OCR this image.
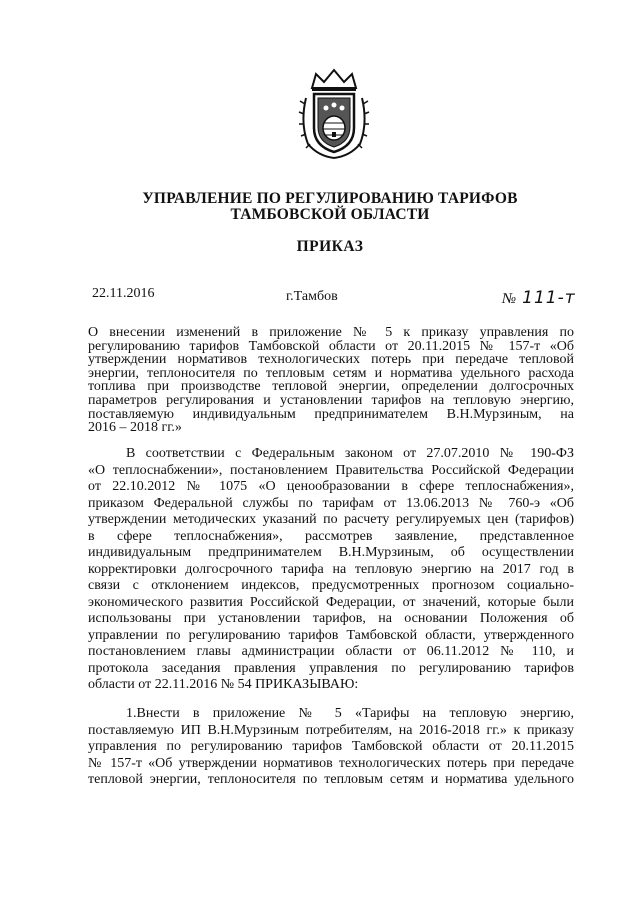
УПРАВЛЕНИЕ ПО РЕГУЛИРОВАНИЮ ТАРИФОВ
ТАМБОВСКОЙ ОБЛАСТИ
ПРИКАЗ
22.11.2016	г.Тамбов	№ 111-т
О внесении изменений в приложение № 5 к приказу управления по
регулированию тарифов Тамбовской области от 20.11.2015 № 157-т «Об
утверждении нормативов технологических потерь при передаче тепловой
энергии, теплоносителя по тепловым сетям и норматива удельного расхода
топлива при производстве тепловой энергии, определении долгосрочных
параметров регулирования и установлении тарифов на тепловую энергию,
поставляемую индивидуальным предпринимателем В.Н.Мурзиным, на
2016 – 2018 гг.»
В соответствии с Федеральным законом от 27.07.2010 № 190-ФЗ
«О теплоснабжении», постановлением Правительства Российской Федерации
от 22.10.2012 № 1075 «О ценообразовании в сфере теплоснабжения»,
приказом Федеральной службы по тарифам от 13.06.2013 № 760-э «Об
утверждении методических указаний по расчету регулируемых цен (тарифов)
в сфере теплоснабжения», рассмотрев заявление, представленное
индивидуальным предпринимателем В.Н.Мурзиным, об осуществлении
корректировки долгосрочного тарифа на тепловую энергию на 2017 год в
связи с отклонением индексов, предусмотренных прогнозом социально-
экономического развития Российской Федерации, от значений, которые были
использованы при установлении тарифов, на основании Положения об
управлении по регулированию тарифов Тамбовской области, утвержденного
постановлением главы администрации области от 06.11.2012 № 110, и
протокола заседания правления управления по регулированию тарифов
области от 22.11.2016 № 54 ПРИКАЗЫВАЮ:
1.Внести в приложение № 5 «Тарифы на тепловую энергию,
поставляемую ИП В.Н.Мурзиным потребителям, на 2016-2018 гг.» к приказу
управления по регулированию тарифов Тамбовской области от 20.11.2015
№ 157-т «Об утверждении нормативов технологических потерь при передаче
тепловой энергии, теплоносителя по тепловым сетям и норматива удельного
